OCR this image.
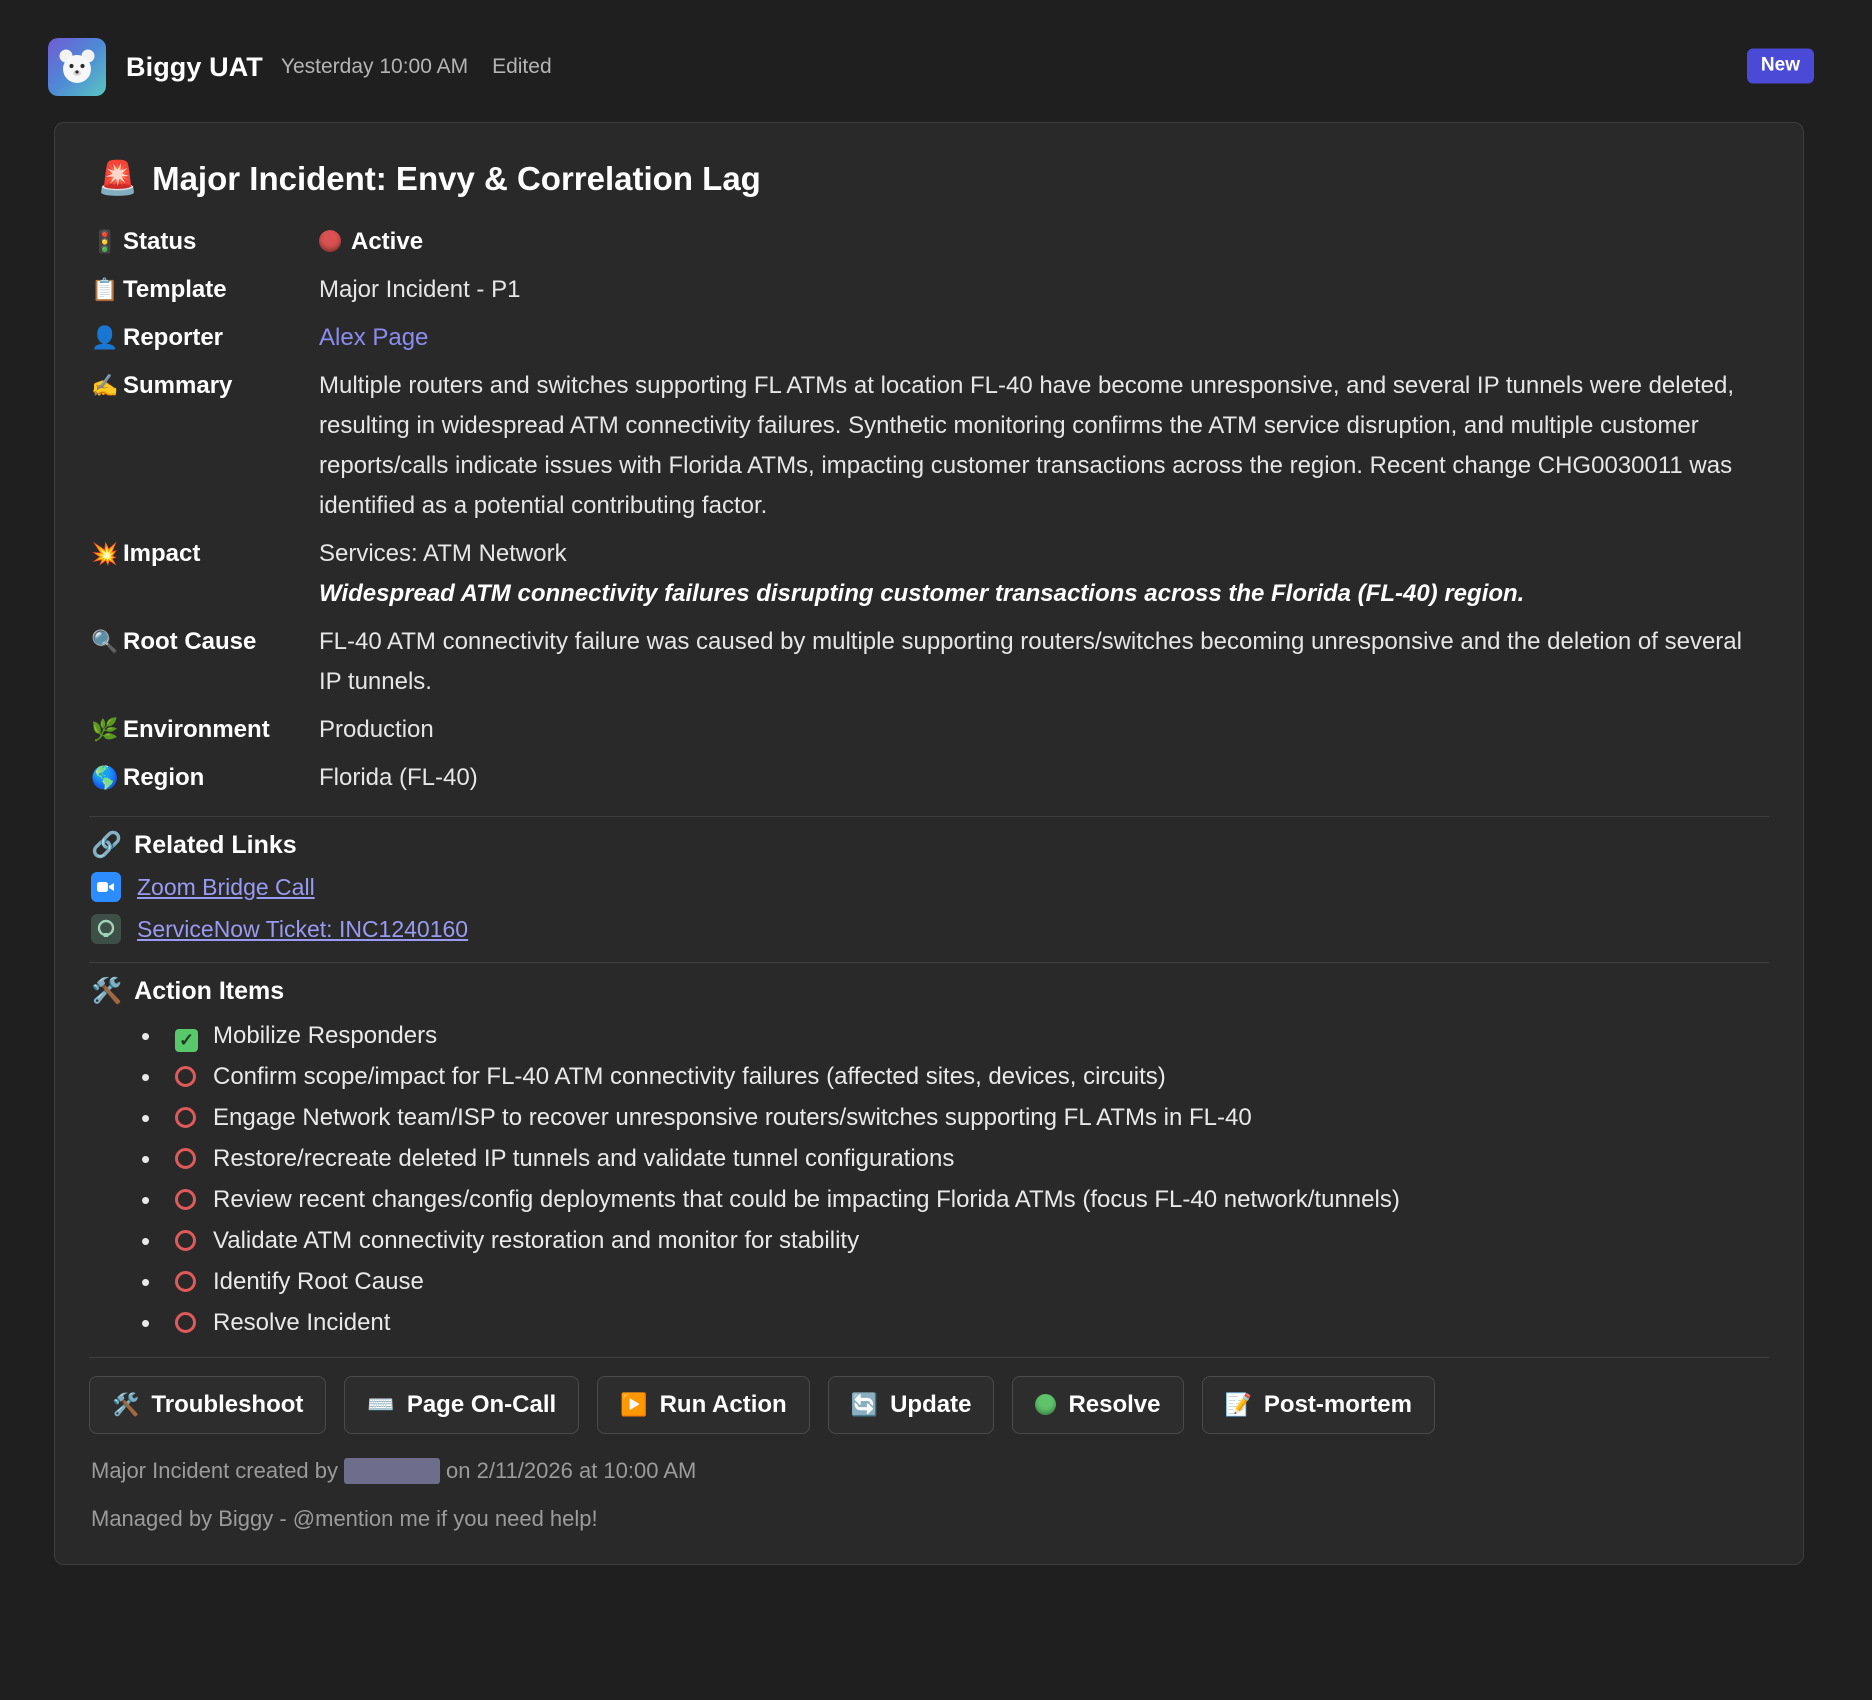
Biggy UAT Yesterday 10:00 AM Edited	New
🚨 Major Incident: Envy & Correlation Lag
🚦 Status	Active
📋 Template	Major Incident - P1
👤 Reporter	Alex Page
✍️ Summary	Multiple routers and switches supporting FL ATMs at location FL-40 have become unresponsive, and several IP tunnels were deleted, resulting in widespread ATM connectivity failures. Synthetic monitoring confirms the ATM service disruption, and multiple customer reports/calls indicate issues with Florida ATMs, impacting customer transactions across the region. Recent change CHG0030011 was identified as a potential contributing factor.
💥 Impact	Services: ATM Network
Widespread ATM connectivity failures disrupting customer transactions across the Florida (FL-40) region.
🔍 Root Cause	FL-40 ATM connectivity failure was caused by multiple supporting routers/switches becoming unresponsive and the deletion of several IP tunnels.
🌿 Environment	Production
🌎 Region	Florida (FL-40)
🔗 Related Links
Zoom Bridge Call
ServiceNow Ticket: INC1240160
🛠️ Action Items
•	✓ Mobilize Responders
•	Confirm scope/impact for FL-40 ATM connectivity failures (affected sites, devices, circuits)
•	Engage Network team/ISP to recover unresponsive routers/switches supporting FL ATMs in FL-40
•	Restore/recreate deleted IP tunnels and validate tunnel configurations
•	Review recent changes/config deployments that could be impacting Florida ATMs (focus FL-40 network/tunnels)
•	Validate ATM connectivity restoration and monitor for stability
•	Identify Root Cause
•	Resolve Incident
🛠️ Troubleshoot	⌨️ Page On-Call	▶️ Run Action	🔄 Update	Resolve	📝 Post-mortem
Major Incident created by	on 2/11/2026 at 10:00 AM
Managed by Biggy - @mention me if you need help!
